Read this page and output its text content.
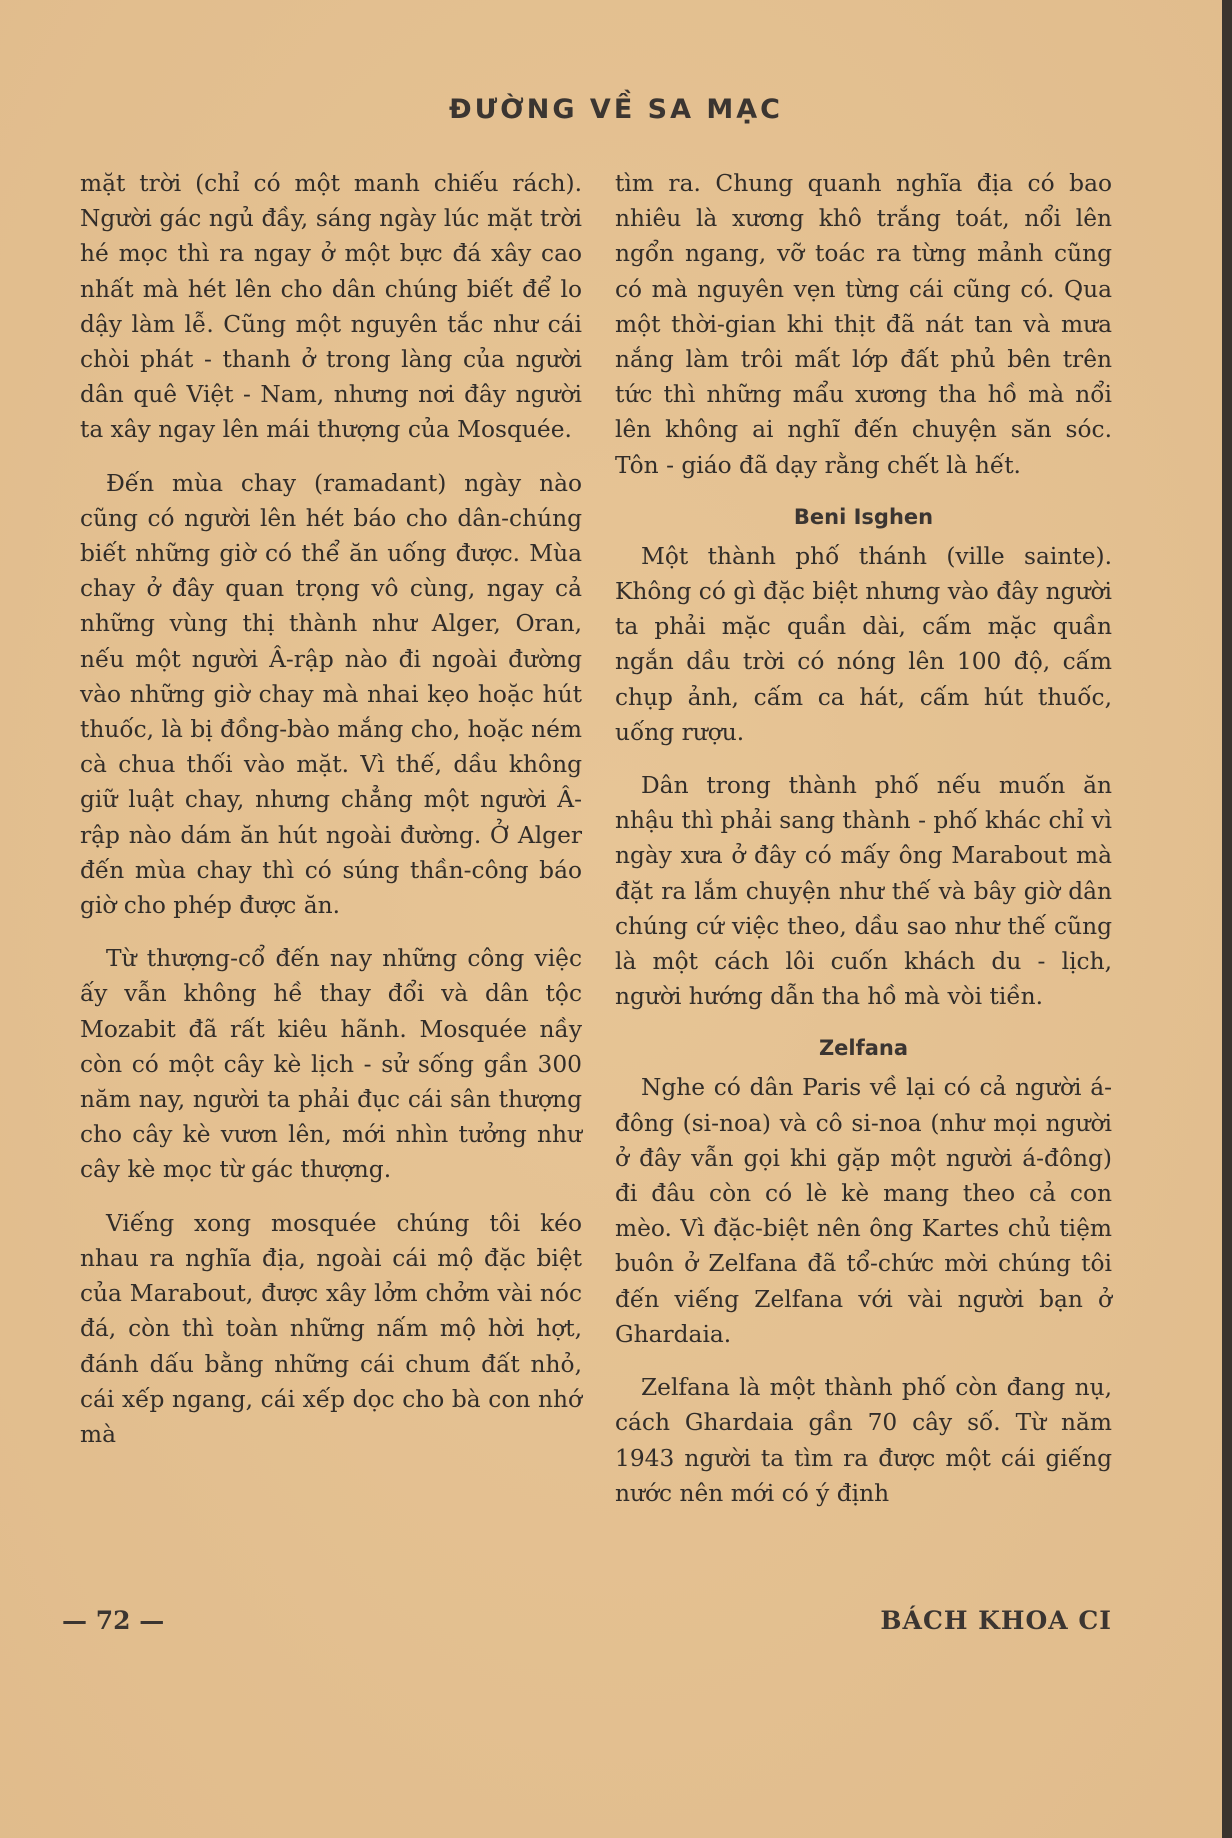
ĐƯỜNG VỀ SA MẠC

mặt trời (chỉ có một manh chiếu rách). Người gác ngủ đầy, sáng ngày lúc mặt trời hé mọc thì ra ngay ở một bực đá xây cao nhất mà hét lên cho dân chúng biết để lo dậy làm lễ. Cũng một nguyên tắc như cái chòi phát - thanh ở trong làng của người dân quê Việt - Nam, nhưng nơi đây người ta xây ngay lên mái thượng của Mosquée.

Đến mùa chay (ramadant) ngày nào cũng có người lên hét báo cho dân-chúng biết những giờ có thể ăn uống được. Mùa chay ở đây quan trọng vô cùng, ngay cả những vùng thị thành như Alger, Oran, nếu một người Â-rập nào đi ngoài đường vào những giờ chay mà nhai kẹo hoặc hút thuốc, là bị đồng-bào mắng cho, hoặc ném cà chua thối vào mặt. Vì thế, dầu không giữ luật chay, nhưng chẳng một người Â-rập nào dám ăn hút ngoài đường. Ở Alger đến mùa chay thì có súng thần-công báo giờ cho phép được ăn.

Từ thượng-cổ đến nay những công việc ấy vẫn không hề thay đổi và dân tộc Mozabit đã rất kiêu hãnh. Mosquée nầy còn có một cây kè lịch - sử sống gần 300 năm nay, người ta phải đục cái sân thượng cho cây kè vươn lên, mới nhìn tưởng như cây kè mọc từ gác thượng.

Viếng xong mosquée chúng tôi kéo nhau ra nghĩa địa, ngoài cái mộ đặc biệt của Marabout, được xây lởm chởm vài nóc đá, còn thì toàn những nấm mộ hời hợt, đánh dấu bằng những cái chum đất nhỏ, cái xếp ngang, cái xếp dọc cho bà con nhớ mà

tìm ra. Chung quanh nghĩa địa có bao nhiêu là xương khô trắng toát, nổi lên ngổn ngang, vỡ toác ra từng mảnh cũng có mà nguyên vẹn từng cái cũng có. Qua một thời-gian khi thịt đã nát tan và mưa nắng làm trôi mất lớp đất phủ bên trên tức thì những mẩu xương tha hồ mà nổi lên không ai nghĩ đến chuyện săn sóc. Tôn - giáo đã dạy rằng chết là hết.

Beni Isghen

Một thành phố thánh (ville sainte). Không có gì đặc biệt nhưng vào đây người ta phải mặc quần dài, cấm mặc quần ngắn dầu trời có nóng lên 100 độ, cấm chụp ảnh, cấm ca hát, cấm hút thuốc, uống rượu.

Dân trong thành phố nếu muốn ăn nhậu thì phải sang thành - phố khác chỉ vì ngày xưa ở đây có mấy ông Marabout mà đặt ra lắm chuyện như thế và bây giờ dân chúng cứ việc theo, dầu sao như thế cũng là một cách lôi cuốn khách du - lịch, người hướng dẫn tha hồ mà vòi tiền.

Zelfana

Nghe có dân Paris về lại có cả người á-đông (si-noa) và cô si-noa (như mọi người ở đây vẫn gọi khi gặp một người á-đông) đi đâu còn có lè kè mang theo cả con mèo. Vì đặc-biệt nên ông Kartes chủ tiệm buôn ở Zelfana đã tổ-chức mời chúng tôi đến viếng Zelfana với vài người bạn ở Ghardaia.

Zelfana là một thành phố còn đang nụ, cách Ghardaia gần 70 cây số. Từ năm 1943 người ta tìm ra được một cái giếng nước nên mới có ý định

— 72 —	BÁCH KHOA CI
